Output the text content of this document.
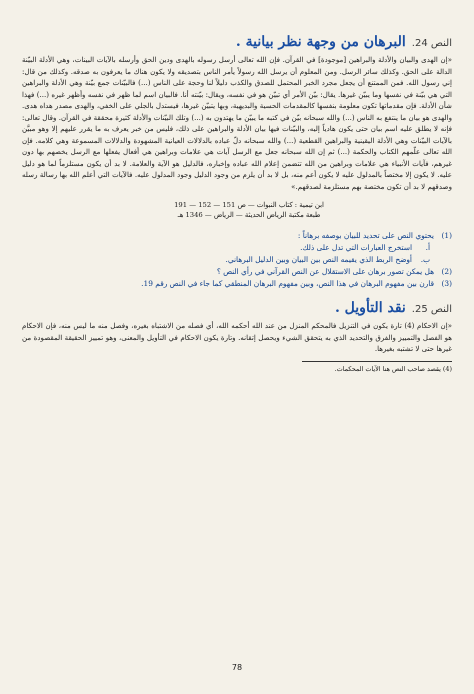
النص 24.
البرهان من وجهة نظر بيانية .

«إن الهدى والبيان والأدلة والبراهين [موجودة] في القرآن. فإن الله تعالى أرسل رسوله بالهدى ودين الحق وأرسله بالآيات البينات، وهي الأدلة البيّنة الدالة على الحق. وكذلك سائر الرسل. ومن المعلوم أن يرسل الله رسولاً يأمر الناس بتصديقه ولا يكون هناك ما يعرفون به صدقه. وكذلك من قال: إني رسول الله. فمن الممتنع أن يجعل مجرد الخبر المحتمل للصدق والكذب دليلاً لنا وحجة على الناس (...) فالبيّنات جمع بيّنة وهي الأدلة والبراهين التي هي بيّنة في نفسها وما يبيّن غيرها. يقال: بيّن الأمر أي تبيّن هو في نفسه، ويقال: بيّنته أنا. فالبيان اسم لما ظهر في نفسه وأظهر غيره (...) فهذا شأن الأدلة. فإن مقدماتها تكون معلومة بنفسها كالمقدمات الحسية والبديهية، وبها يتبيّن غيرها، فيستدل بالجلي على الخفي، والهدى مصدر هداه هدى. والهدى هو بيان ما ينتفع به الناس (...) والله سبحانه بيّن في كتبه ما يبيّن ما يهتدون به (...) وتلك البيّنات والأدلة كثيرة محققة في القرآن. وقال تعالى: فإنه لا يطلق عليه اسم بيان حتى يكون هادياً إليه، والبيّنات فيها بيان الأدلة والبراهين على ذلك، فليس من خبر يعرف به ما يقرر عليهم إلا وهو مبيَّن بالآيات البيّنات وهي الأدلة اليقينية والبراهين القطعية (...) والله سبحانه دلّ عباده بالدلالات العيانية المشهودة والدلالات المسموعة وهي كلامه. فإن الله تعالى علّمهم الكتاب والحكمة (...) ثم إن الله سبحانه جعل مع الرسل آيات هي علامات وبراهين هي أفعال يفعلها مع الرسل يخصهم بها دون غيرهم، فآيات الأنبياء هي علامات وبراهين من الله تتضمن إعلام الله عباده وإخباره، فالدليل هو الآية والعلامة. لا بد أن يكون مستلزماً لما هو دليل عليه. لا يكون إلا مختصاً بالمدلول عليه لا يكون أعم منه، بل لا بد أن يلزم من وجود الدليل وجود المدلول عليه. فالآيات التي أعلم الله بها رسالة رسله وصدقهم لا بد أن تكون مختصة بهم مستلزمة لصدقهم.»

ابن تيمية : كتاب النبوات — ص 151 — 152 — 191
طبعة مكتبة الرياض الحديثة — الرياض — 1346 هـ
(1)
يحتوي النص على تحديد للبيان بوصفه برهاناً :
أ.
استخرج العبارات التي تدل على ذلك.
ب.
أوضح الربط الذي يقيمه النص بين البيان وبين الدليل البرهاني.
(2)
هل يمكن تصور برهان على الاستقلال عن النص القرآني في رأي النص ؟
(3)
قارن بين مفهوم البرهان في هذا النص، وبين مفهوم البرهان المنطقي كما جاء في النص رقم 19.
النص 25.
نقد التأويل .

«إن الاحكام (4) تارة يكون في التنزيل فالمحكم المنزل من عند الله أحكمه الله، أي فصله من الاشتباه بغيره، وفصل منه ما ليس منه، فإن الاحكام هو الفصل والتمييز والفرق والتحديد الذي به يتحقق الشيء ويحصل إتقانه. وتارة يكون الاحكام في التأويل والمعنى، وهو تمييز الحقيقة المقصودة من غيرها حتى لا تشتبه بغيرها.

(4) يقصد صاحب النص هنا الآيات المحكمات.
78
